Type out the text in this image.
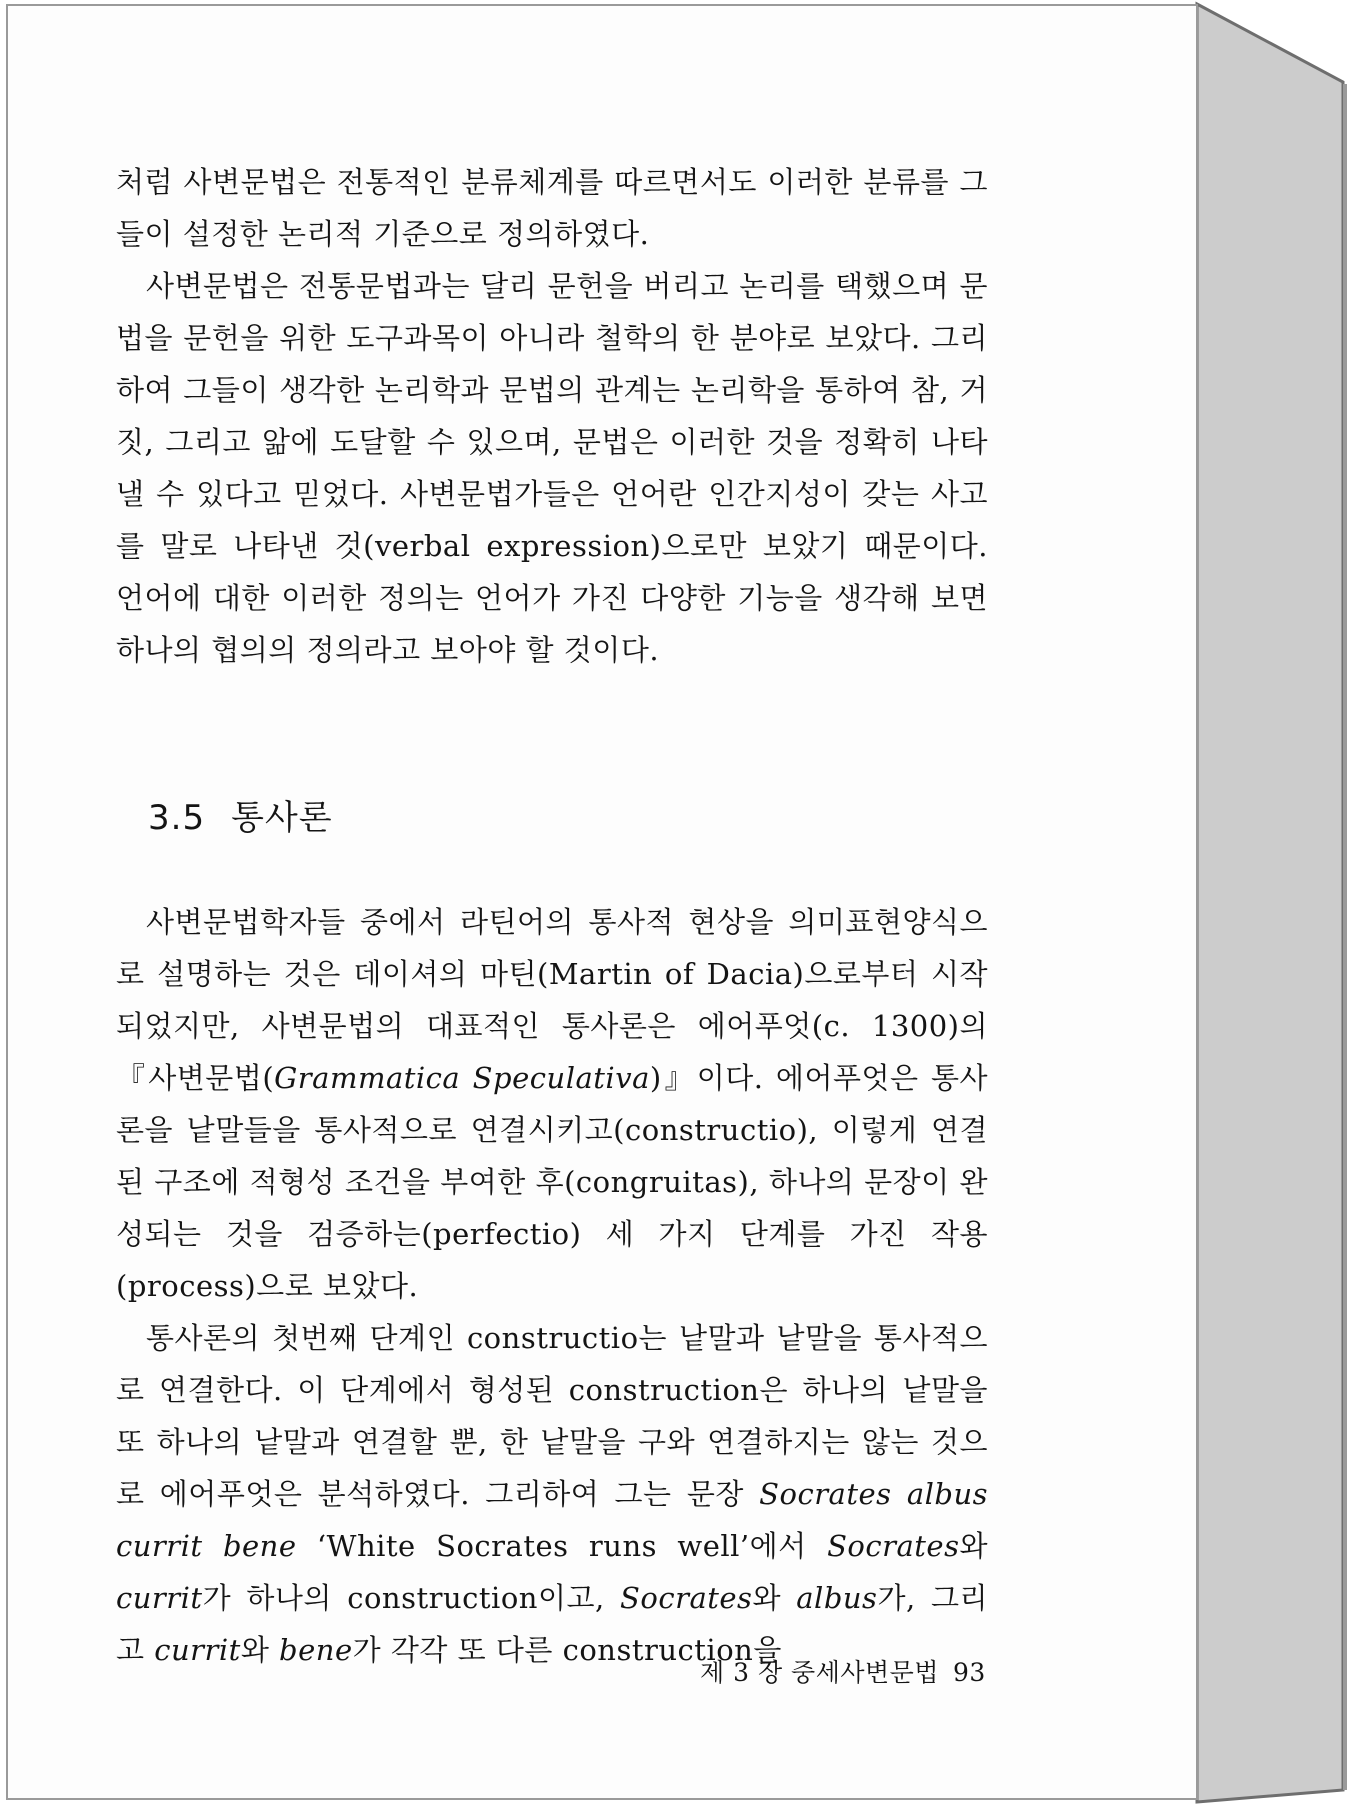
처럼 사변문법은 전통적인 분류체계를 따르면서도 이러한 분류를 그들이 설정한 논리적 기준으로 정의하였다.

사변문법은 전통문법과는 달리 문헌을 버리고 논리를 택했으며 문법을 문헌을 위한 도구과목이 아니라 철학의 한 분야로 보았다. 그리하여 그들이 생각한 논리학과 문법의 관계는 논리학을 통하여 참, 거짓, 그리고 앎에 도달할 수 있으며, 문법은 이러한 것을 정확히 나타낼 수 있다고 믿었다. 사변문법가들은 언어란 인간지성이 갖는 사고를 말로 나타낸 것(verbal expression)으로만 보았기 때문이다. 언어에 대한 이러한 정의는 언어가 가진 다양한 기능을 생각해 보면 하나의 협의의 정의라고 보아야 할 것이다.

3.5 통사론

사변문법학자들 중에서 라틴어의 통사적 현상을 의미표현양식으로 설명하는 것은 데이셔의 마틴(Martin of Dacia)으로부터 시작되었지만, 사변문법의 대표적인 통사론은 에어푸엇(c. 1300)의 『사변문법(Grammatica Speculativa)』이다. 에어푸엇은 통사론을 낱말들을 통사적으로 연결시키고(constructio), 이렇게 연결된 구조에 적형성 조건을 부여한 후(congruitas), 하나의 문장이 완성되는 것을 검증하는(perfectio) 세 가지 단계를 가진 작용(process)으로 보았다.

통사론의 첫번째 단계인 constructio는 낱말과 낱말을 통사적으로 연결한다. 이 단계에서 형성된 construction은 하나의 낱말을 또 하나의 낱말과 연결할 뿐, 한 낱말을 구와 연결하지는 않는 것으로 에어푸엇은 분석하였다. 그리하여 그는 문장 Socrates albus currit bene ‘White Socrates runs well’에서 Socrates와 currit가 하나의 construction이고, Socrates와 albus가, 그리고 currit와 bene가 각각 또 다른 construction을

제 3 장 중세사변문법 93
